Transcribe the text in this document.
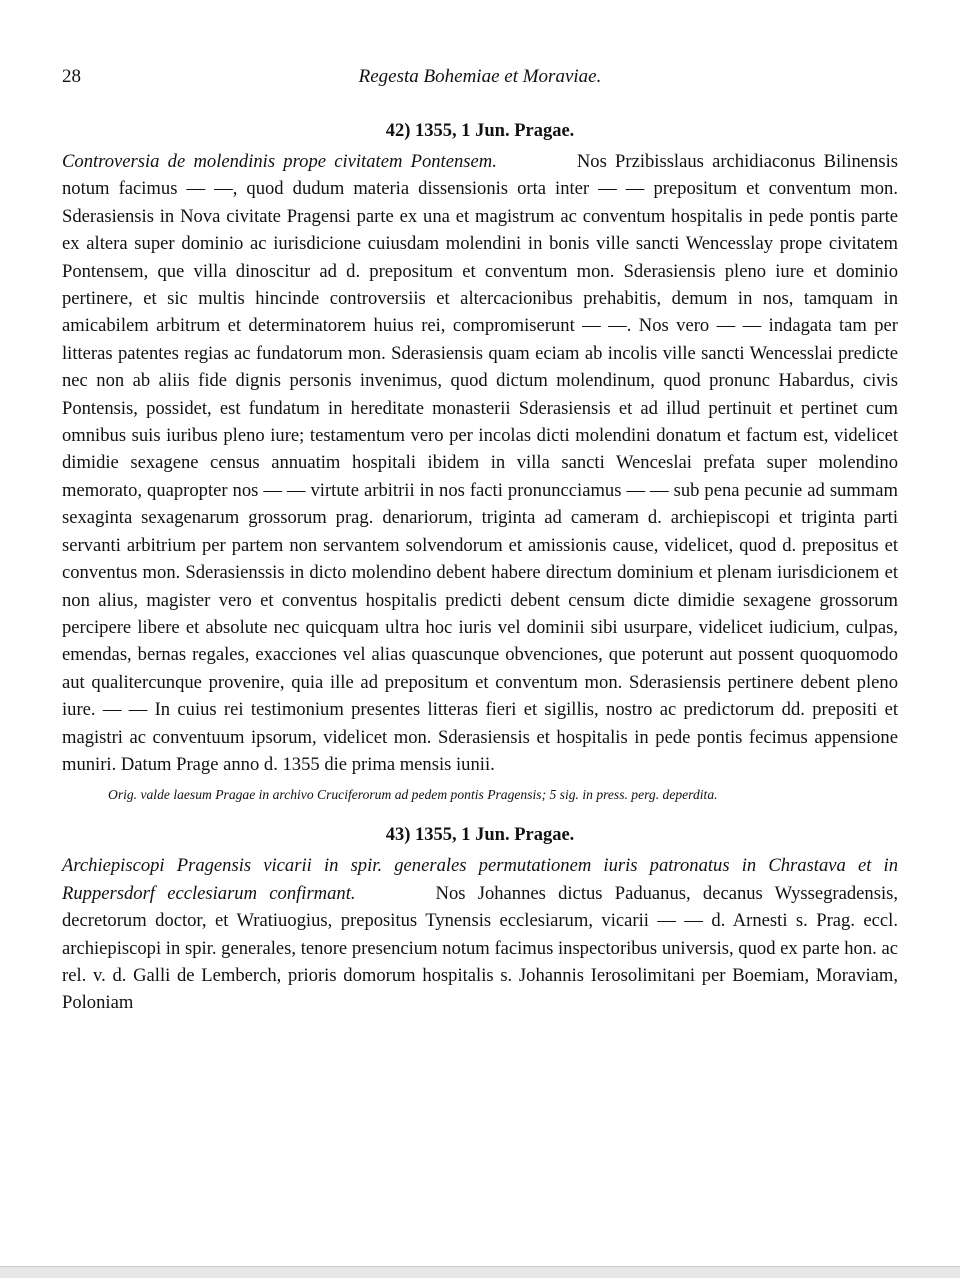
28	Regesta Bohemiae et Moraviae.
42) 1355, 1 Jun. Pragae.

Controversia de molendinis prope civitatem Pontensem.	Nos Przibisslaus archidiaconus Bilinensis notum facimus — —, quod dudum materia dissensionis orta inter — — prepositum et conventum mon. Sderasiensis in Nova civitate Pragensi parte ex una et magistrum ac conventum hospitalis in pede pontis parte ex altera super dominio ac iurisdicione cuiusdam molendini in bonis ville sancti Wencesslay prope civitatem Pontensem, que villa dinoscitur ad d. prepositum et conventum mon. Sderasiensis pleno iure et dominio pertinere, et sic multis hincinde controversiis et altercacionibus prehabitis, demum in nos, tamquam in amicabilem arbitrum et determinatorem huius rei, compromiserunt — —. Nos vero — — indagata tam per litteras patentes regias ac fundatorum mon. Sderasiensis quam eciam ab incolis ville sancti Wencesslai predicte nec non ab aliis fide dignis personis invenimus, quod dictum molendinum, quod pronunc Habardus, civis Pontensis, possidet, est fundatum in hereditate monasterii Sderasiensis et ad illud pertinuit et pertinet cum omnibus suis iuribus pleno iure; testamentum vero per incolas dicti molendini donatum et factum est, videlicet dimidie sexagene census annuatim hospitali ibidem in villa sancti Wenceslai prefata super molendino memorato, quapropter nos — — virtute arbitrii in nos facti pronuncciamus — — sub pena pecunie ad summam sexaginta sexagenarum grossorum prag. denariorum, triginta ad cameram d. archiepiscopi et triginta parti servanti arbitrium per partem non servantem solvendorum et amissionis cause, videlicet, quod d. prepositus et conventus mon. Sderasienssis in dicto molendino debent habere directum dominium et plenam iurisdicionem et non alius, magister vero et conventus hospitalis predicti debent censum dicte dimidie sexagene grossorum percipere libere et absolute nec quicquam ultra hoc iuris vel dominii sibi usurpare, videlicet iudicium, culpas, emendas, bernas regales, exacciones vel alias quascunque obvenciones, que poterunt aut possent quoquomodo aut qualitercunque provenire, quia ille ad prepositum et conventum mon. Sderasiensis pertinere debent pleno iure. — — In cuius rei testimonium presentes litteras fieri et sigillis, nostro ac predictorum dd. prepositi et magistri ac conventuum ipsorum, videlicet mon. Sderasiensis et hospitalis in pede pontis fecimus appensione muniri. Datum Prage anno d. 1355 die prima mensis iunii.

Orig. valde laesum Pragae in archivo Cruciferorum ad pedem pontis Pragensis; 5 sig. in press. perg. deperdita.

43) 1355, 1 Jun. Pragae.

Archiepiscopi Pragensis vicarii in spir. generales permutationem iuris patronatus in Chrastava et in Ruppersdorf ecclesiarum confirmant.	Nos Johannes dictus Paduanus, decanus Wyssegradensis, decretorum doctor, et Wratiuogius, prepositus Tynensis ecclesiarum, vicarii — — d. Arnesti s. Prag. eccl. archiepiscopi in spir. generales, tenore presencium notum facimus inspectoribus universis, quod ex parte hon. ac rel. v. d. Galli de Lemberch, prioris domorum hospitalis s. Johannis Ierosolimitani per Boemiam, Moraviam, Poloniam
